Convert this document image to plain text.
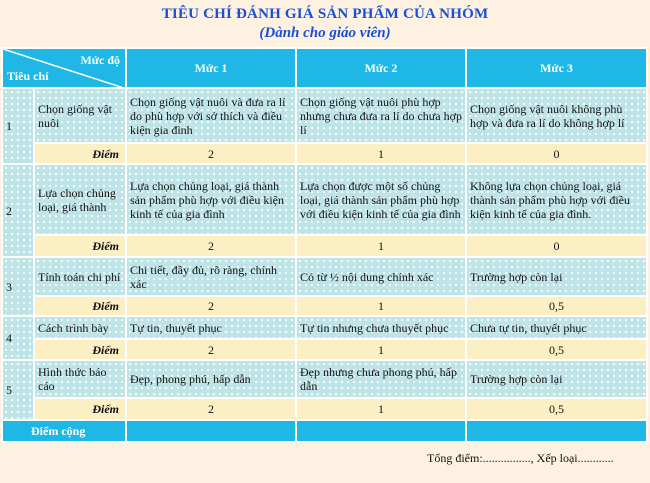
TIÊU CHÍ ĐÁNH GIÁ SẢN PHẨM CỦA NHÓM
(Dành cho giáo viên)
Mức độ
Tiêu chí		Mức 1	Mức 2	Mức 3
1	Chọn giống vật nuôi	Chọn giống vật nuôi và đưa ra lí do phù hợp với sở thích và điều kiện gia đình	Chọn giống vật nuôi phù hợp nhưng chưa đưa ra lí do chưa hợp lí	Chọn giống vật nuôi không phù hợp và đưa ra lí do không hợp lí
	Điểm	2	1	0
2	Lựa chọn chủng loại, giá thành	Lựa chọn chủng loại, giá thành sản phẩm phù hợp với điều kiện kinh tế của gia đình	Lựa chọn được một số chủng loại, giá thành sản phẩm phù hợp với điều kiện kinh tế của gia đình	Không lựa chọn chủng loại, giá thành sản phẩm phù hợp với điều kiện kinh tế của gia đình.
	Điểm	2	1	0
3	Tính toán chi phí	Chi tiết, đầy đủ, rõ ràng, chính xác	Có từ ½ nội dung chính xác	Trường hợp còn lại
	Điểm	2	1	0,5
4	Cách trình bày	Tự tin, thuyết phục	Tự tin nhưng chưa thuyết phục	Chưa tự tin, thuyết phục
	Điểm	2	1	0,5
5	Hình thức báo cáo	Đẹp, phong phú, hấp dẫn	Đẹp nhưng chưa phong phú, hấp dẫn	Trường hợp còn lại
	Điểm	2	1	0,5
Điểm cộng				
Tổng điểm:................, Xếp loại............
